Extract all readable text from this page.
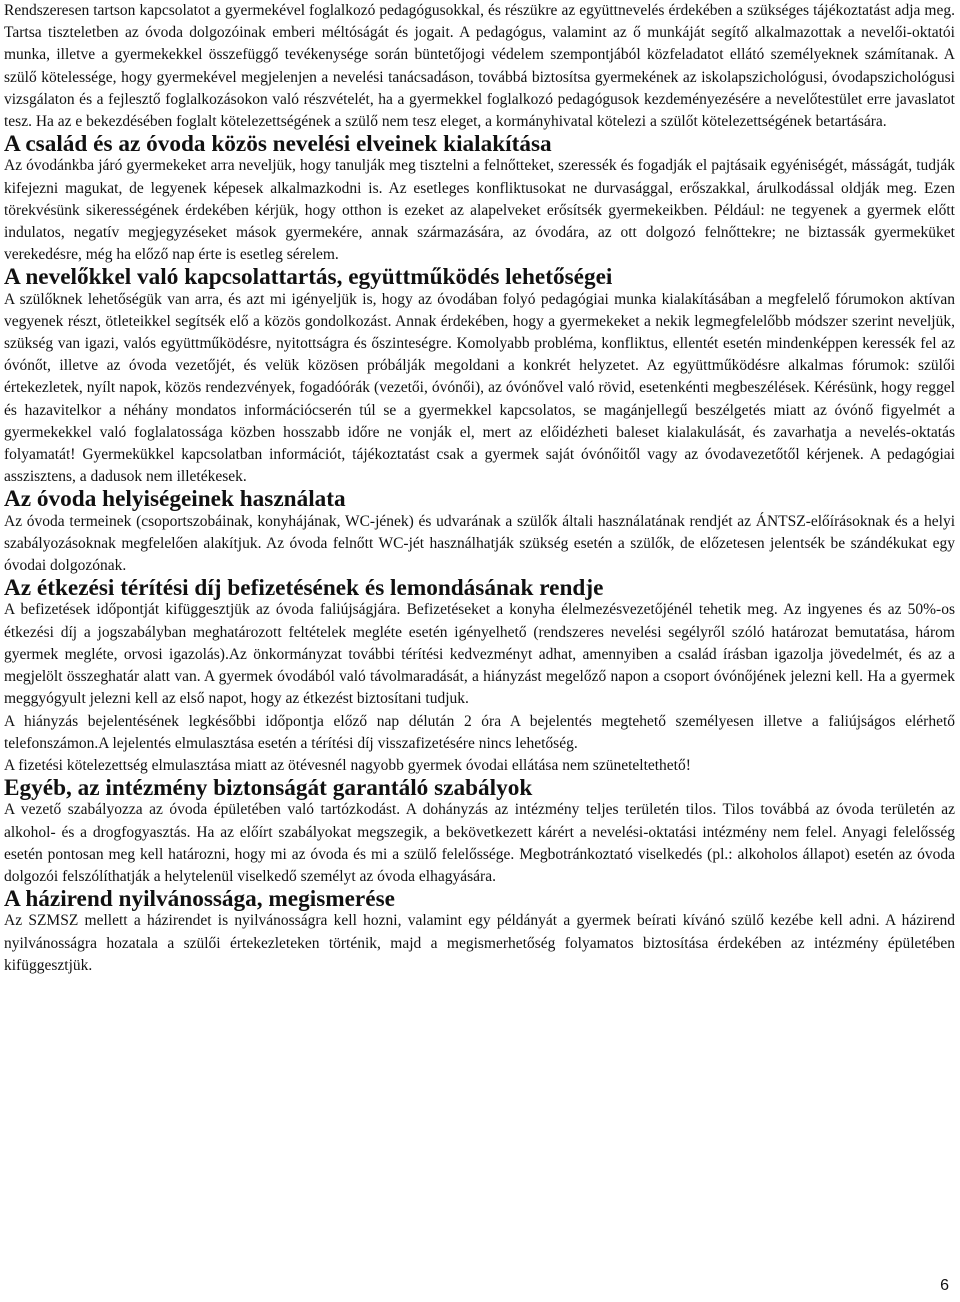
Rendszeresen tartson kapcsolatot a gyermekével foglalkozó pedagógusokkal, és részükre az együttnevelés érdekében a szükséges tájékoztatást adja meg. Tartsa tiszteletben az óvoda dolgozóinak emberi méltóságát és jogait. A pedagógus, valamint az ő munkáját segítő alkalmazottak a nevelői-oktatói munka, illetve a gyermekekkel összefüggő tevékenysége során büntetőjogi védelem szempontjából közfeladatot ellátó személyeknek számítanak. A szülő kötelessége, hogy gyermekével megjelenjen a nevelési tanácsadáson, továbbá biztosítsa gyermekének az iskolapszichológusi, óvodapszichológusi vizsgálaton és a fejlesztő foglalkozásokon való részvételét, ha a gyermekkel foglalkozó pedagógusok kezdeményezésére a nevelőtestület erre javaslatot tesz. Ha az e bekezdésében foglalt kötelezettségének a szülő nem tesz eleget, a kormányhivatal kötelezi a szülőt kötelezettségének betartására.

A család és az óvoda közös nevelési elveinek kialakítása

Az óvodánkba járó gyermekeket arra neveljük, hogy tanulják meg tisztelni a felnőtteket, szeressék és fogadják el pajtásaik egyéniségét, másságát, tudják kifejezni magukat, de legyenek képesek alkalmazkodni is. Az esetleges konfliktusokat ne durvasággal, erőszakkal, árulkodással oldják meg. Ezen törekvésünk sikerességének érdekében kérjük, hogy otthon is ezeket az alapelveket erősítsék gyermekeikben. Például: ne tegyenek a gyermek előtt indulatos, negatív megjegyzéseket mások gyermekére, annak származására, az óvodára, az ott dolgozó felnőttekre; ne biztassák gyermeküket verekedésre, még ha előző nap érte is esetleg sérelem.

A nevelőkkel való kapcsolattartás, együttműködés lehetőségei

A szülőknek lehetőségük van arra, és azt mi igényeljük is, hogy az óvodában folyó pedagógiai munka kialakításában a megfelelő fórumokon aktívan vegyenek részt, ötleteikkel segítsék elő a közös gondolkozást. Annak érdekében, hogy a gyermekeket a nekik legmegfelelőbb módszer szerint neveljük, szükség van igazi, valós együttműködésre, nyitottságra és őszinteségre. Komolyabb probléma, konfliktus, ellentét esetén mindenképpen keressék fel az óvónőt, illetve az óvoda vezetőjét, és velük közösen próbálják megoldani a konkrét helyzetet. Az együttműködésre alkalmas fórumok: szülői értekezletek, nyílt napok, közös rendezvények, fogadóórák (vezetői, óvónői), az óvónővel való rövid, esetenkénti megbeszélések. Kérésünk, hogy reggel és hazavitelkor a néhány mondatos információcserén túl se a gyermekkel kapcsolatos, se magánjellegű beszélgetés miatt az óvónő figyelmét a gyermekekkel való foglalatossága közben hosszabb időre ne vonják el, mert az előidézheti baleset kialakulását, és zavarhatja a nevelés-oktatás folyamatát! Gyermekükkel kapcsolatban információt, tájékoztatást csak a gyermek saját óvónőitől vagy az óvodavezetőtől kérjenek. A pedagógiai asszisztens, a dadusok nem illetékesek.

Az óvoda helyiségeinek használata

Az óvoda termeinek (csoportszobáinak, konyhájának, WC-jének) és udvarának a szülők általi használatának rendjét az ÁNTSZ-előírásoknak és a helyi szabályozásoknak megfelelően alakítjuk. Az óvoda felnőtt WC-jét használhatják szükség esetén a szülők, de előzetesen jelentsék be szándékukat egy óvodai dolgozónak.

Az étkezési térítési díj befizetésének és lemondásának rendje

A befizetések időpontját kifüggesztjük az óvoda faliújságjára. Befizetéseket a konyha élelmezésvezetőjénél tehetik meg. Az ingyenes és az 50%-os étkezési díj a jogszabályban meghatározott feltételek megléte esetén igényelhető (rendszeres nevelési segélyről szóló határozat bemutatása, három gyermek megléte, orvosi igazolás).Az önkormányzat további térítési kedvezményt adhat, amennyiben a család írásban igazolja jövedelmét, és az a megjelölt összeghatár alatt van. A gyermek óvodából való távolmaradását, a hiányzást megelőző napon a csoport óvónőjének jelezni kell. Ha a gyermek meggyógyult jelezni kell az első napot, hogy az étkezést biztosítani tudjuk.

A hiányzás bejelentésének legkésőbbi időpontja előző nap délután 2 óra A bejelentés megtehető személyesen illetve a faliújságos elérhető telefonszámon.A lejelentés elmulasztása esetén a térítési díj visszafizetésére nincs lehetőség.

A fizetési kötelezettség elmulasztása miatt az ötévesnél nagyobb gyermek óvodai ellátása nem szüneteltethető!

Egyéb, az intézmény biztonságát garantáló szabályok

A vezető szabályozza az óvoda épületében való tartózkodást. A dohányzás az intézmény teljes területén tilos. Tilos továbbá az óvoda területén az alkohol- és a drogfogyasztás. Ha az előírt szabályokat megszegik, a bekövetkezett kárért a nevelési-oktatási intézmény nem felel. Anyagi felelősség esetén pontosan meg kell határozni, hogy mi az óvoda és mi a szülő felelőssége. Megbotránkoztató viselkedés (pl.: alkoholos állapot) esetén az óvoda dolgozói felszólíthatják a helytelenül viselkedő személyt az óvoda elhagyására.

A házirend nyilvánossága, megismerése

Az SZMSZ mellett a házirendet is nyilvánosságra kell hozni, valamint egy példányát a gyermek beírati kívánó szülő kezébe kell adni. A házirend nyilvánosságra hozatala a szülői értekezleteken történik, majd a megismerhetőség folyamatos biztosítása érdekében az intézmény épületében kifüggesztjük.

6
